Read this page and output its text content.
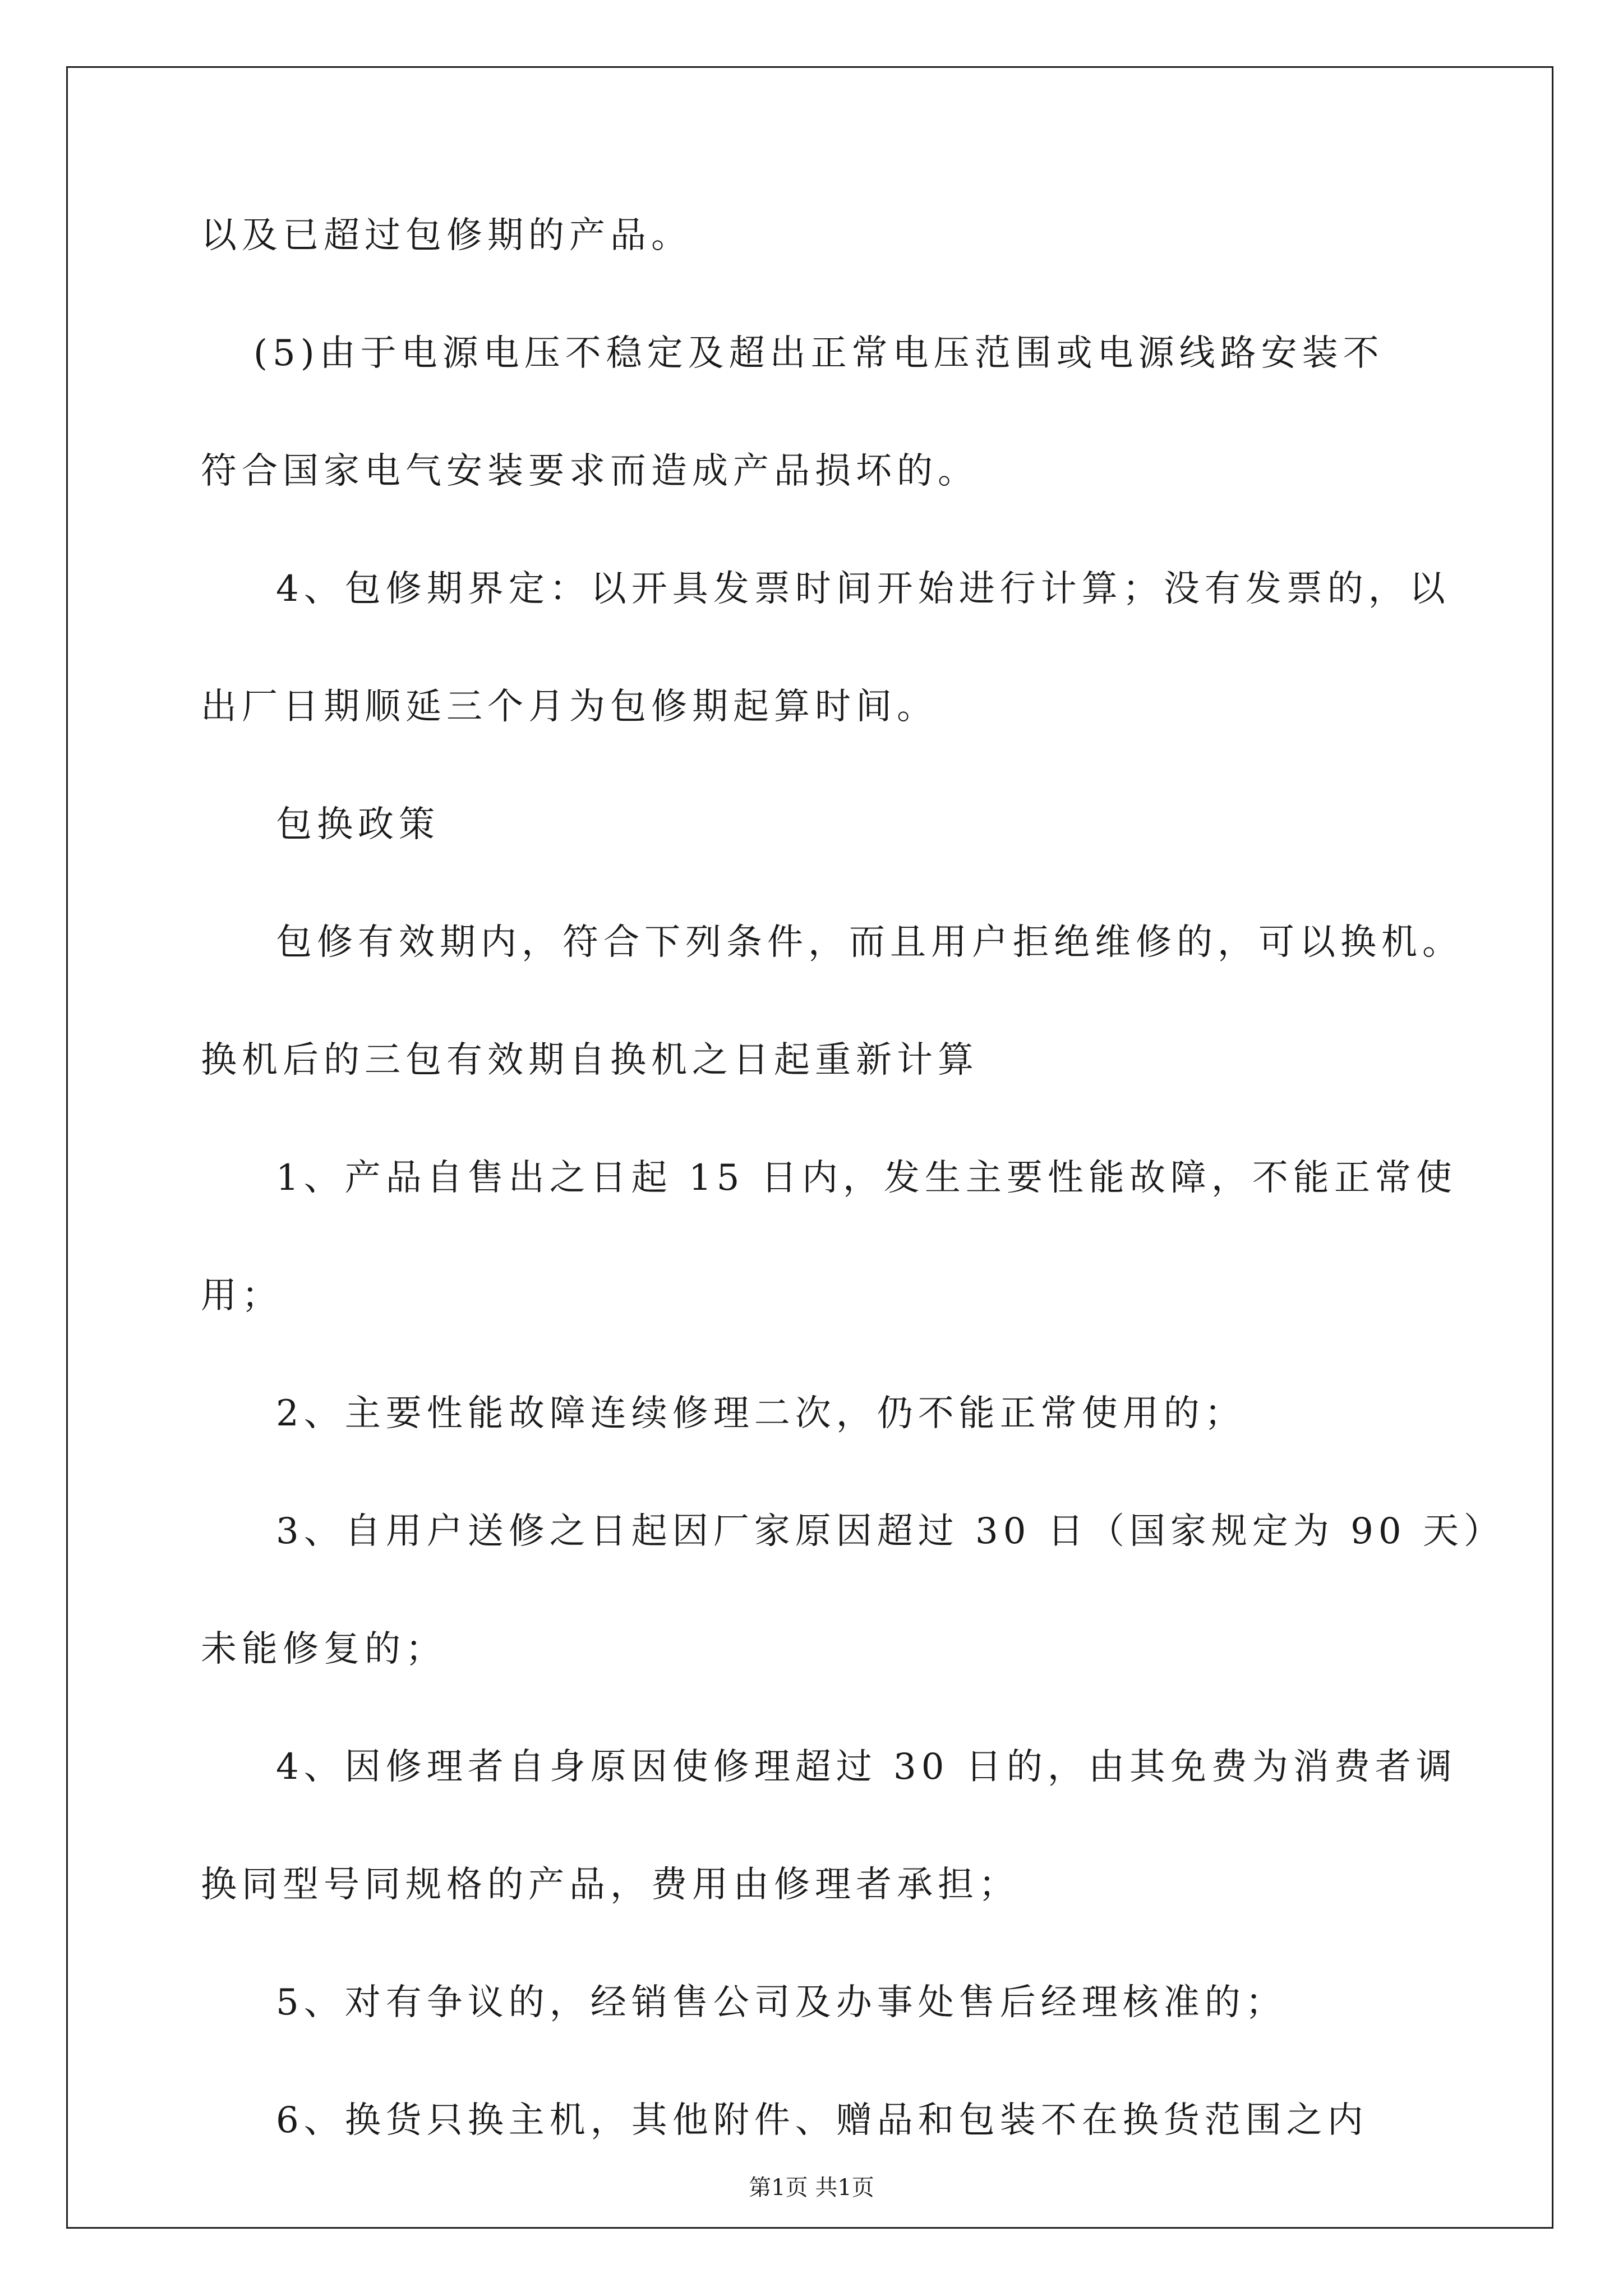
以及已超过包修期的产品。
(5)由于电源电压不稳定及超出正常电压范围或电源线路安装不
符合国家电气安装要求而造成产品损坏的。
4、包修期界定：以开具发票时间开始进行计算；没有发票的，以
出厂日期顺延三个月为包修期起算时间。
包换政策
包修有效期内，符合下列条件，而且用户拒绝维修的，可以换机。
换机后的三包有效期自换机之日起重新计算
1、产品自售出之日起 15 日内，发生主要性能故障，不能正常使
用；
2、主要性能故障连续修理二次，仍不能正常使用的；
3、自用户送修之日起因厂家原因超过 30 日（国家规定为 90 天）
未能修复的；
4、因修理者自身原因使修理超过 30 日的，由其免费为消费者调
换同型号同规格的产品，费用由修理者承担；
5、对有争议的，经销售公司及办事处售后经理核准的；
6、换货只换主机，其他附件、赠品和包装不在换货范围之内
第1页 共1页
